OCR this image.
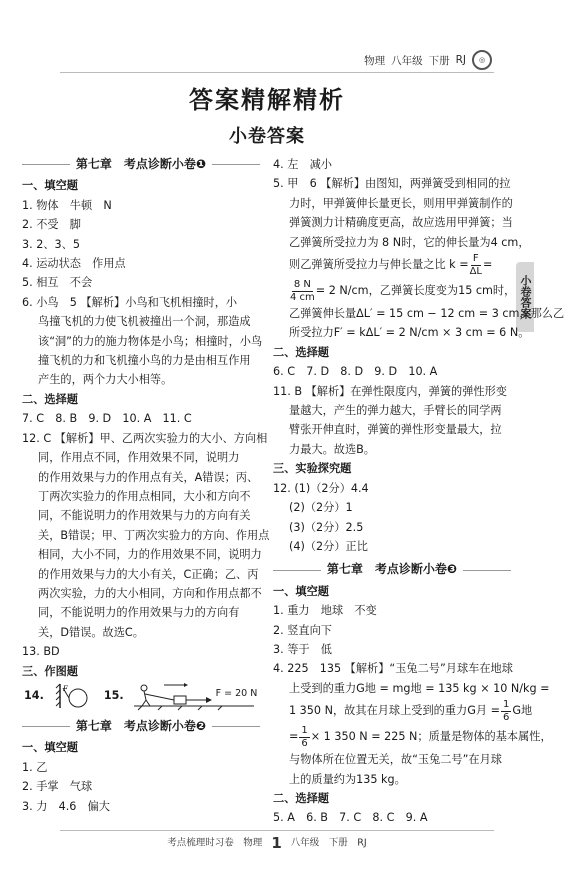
物理 八年级 下册 RJ	◎
答案精解精析
小卷答案
小卷答案
第七章　考点诊断小卷❶
一、填空题
1. 物体　牛顿　N
2. 不受　脚
3. 2、3、5
4. 运动状态　作用点
5. 相互　不会
6. 小鸟　5 【解析】小鸟和飞机相撞时，小
鸟撞飞机的力使飞机被撞出一个洞，那造成
该“洞”的力的施力物体是小鸟；相撞时，小鸟
撞飞机的力和飞机撞小鸟的力是由相互作用
产生的，两个力大小相等。
二、选择题
7. C　8. B　9. D　10. A　11. C
12. C 【解析】甲、乙两次实验力的大小、方向相
同，作用点不同，作用效果不同，说明力
的作用效果与力的作用点有关，A错误；丙、
丁两次实验力的作用点相同，大小和方向不
同，不能说明力的作用效果与力的方向有关
关，B错误；甲、丁两次实验力的方向、作用点
相同，大小不同，力的作用效果不同，说明力
的作用效果与力的大小有关，C正确；乙、丙
两次实验，力的大小相同，方向和作用点都不
同，不能说明力的作用效果与力的方向有
关，D错误。故选C。
13. BD
三、作图题
14.
F
15.	F = 20 N
第七章　考点诊断小卷❷
一、填空题
1. 乙
2. 手掌　气球
3. 力　4.6　偏大
4. 左　减小
5. 甲　6 【解析】由图知，两弹簧受到相同的拉
力时，甲弹簧伸长量更长，则用甲弹簧制作的
弹簧测力计精确度更高，故应选用甲弹簧；当
乙弹簧所受拉力为 8 N时，它的伸长量为4 cm，
则乙弹簧所受拉力与伸长量之比 $k = \frac{F}{\Delta L}$ =
$\frac{8 N}{4 cm} = 2$ N/cm，乙弹簧长度变为15 cm时，
乙弹簧伸长量ΔL′ = 15 cm − 12 cm = 3 cm，那么乙
所受拉力F′ = kΔL′ = 2 N/cm × 3 cm = 6 N。
二、选择题
6. C　7. D　8. D　9. D　10. A
11. B 【解析】在弹性限度内，弹簧的弹性形变
量越大，产生的弹力越大，手臂长的同学两
臂张开伸直时，弹簧的弹性形变量最大，拉
力最大。故选B。
三、实验探究题
12. (1)（2分）4.4
(2)（2分）1
(3)（2分）2.5
(4)（2分）正比
第七章　考点诊断小卷❸
一、填空题
1. 重力　地球　不变
2. 竖直向下
3. 等于　低
4. 225　135 【解析】“玉兔二号”月球车在地球
上受到的重力G地 = mg地 = 135 kg × 10 N/kg =
1 350 N，故其在月球上受到的重力G月 = $\frac{1}{6}$ G地
= $\frac{1}{6} \times 1$ 350 N = 225 N；质量是物体的基本属性，
与物体所在位置无关，故“玉兔二号”在月球
上的质量约为135 kg。
二、选择题
5. A　6. B　7. C　8. C　9. A
考点梳理时习卷　物理 1 八年级　下册　RJ
